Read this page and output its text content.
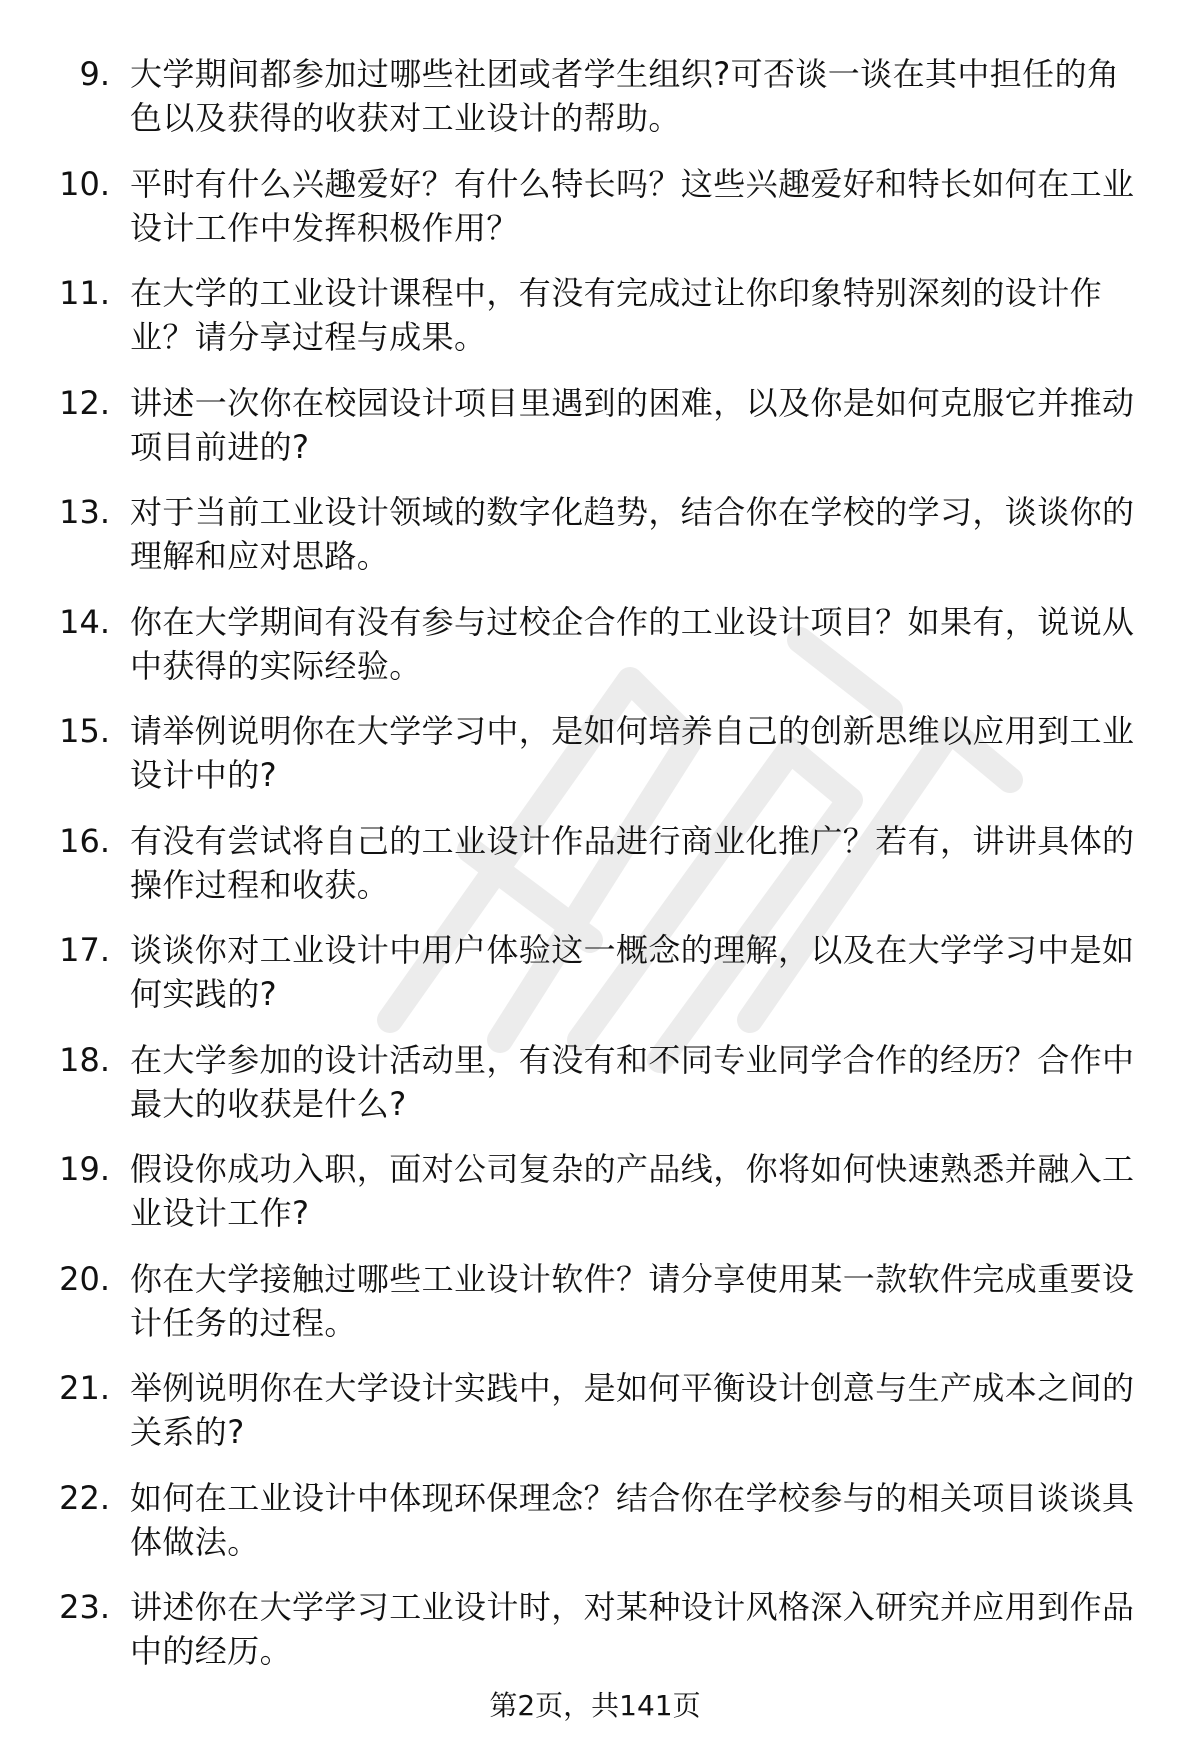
9. 大学期间都参加过哪些社团或者学生组织?可否谈一谈在其中担任的角色以及获得的收获对工业设计的帮助。
10. 平时有什么兴趣爱好？有什么特长吗？这些兴趣爱好和特长如何在工业设计工作中发挥积极作用？
11. 在大学的工业设计课程中，有没有完成过让你印象特别深刻的设计作业？请分享过程与成果。
12. 讲述一次你在校园设计项目里遇到的困难，以及你是如何克服它并推动项目前进的?
13. 对于当前工业设计领域的数字化趋势，结合你在学校的学习，谈谈你的理解和应对思路。
14. 你在大学期间有没有参与过校企合作的工业设计项目？如果有，说说从中获得的实际经验。
15. 请举例说明你在大学学习中，是如何培养自己的创新思维以应用到工业设计中的?
16. 有没有尝试将自己的工业设计作品进行商业化推广？若有，讲讲具体的操作过程和收获。
17. 谈谈你对工业设计中用户体验这一概念的理解，以及在大学学习中是如何实践的?
18. 在大学参加的设计活动里，有没有和不同专业同学合作的经历？合作中最大的收获是什么?
19. 假设你成功入职，面对公司复杂的产品线，你将如何快速熟悉并融入工业设计工作?
20. 你在大学接触过哪些工业设计软件？请分享使用某一款软件完成重要设计任务的过程。
21. 举例说明你在大学设计实践中，是如何平衡设计创意与生产成本之间的关系的?
22. 如何在工业设计中体现环保理念？结合你在学校参与的相关项目谈谈具体做法。
23. 讲述你在大学学习工业设计时，对某种设计风格深入研究并应用到作品中的经历。
第2页，共141页
